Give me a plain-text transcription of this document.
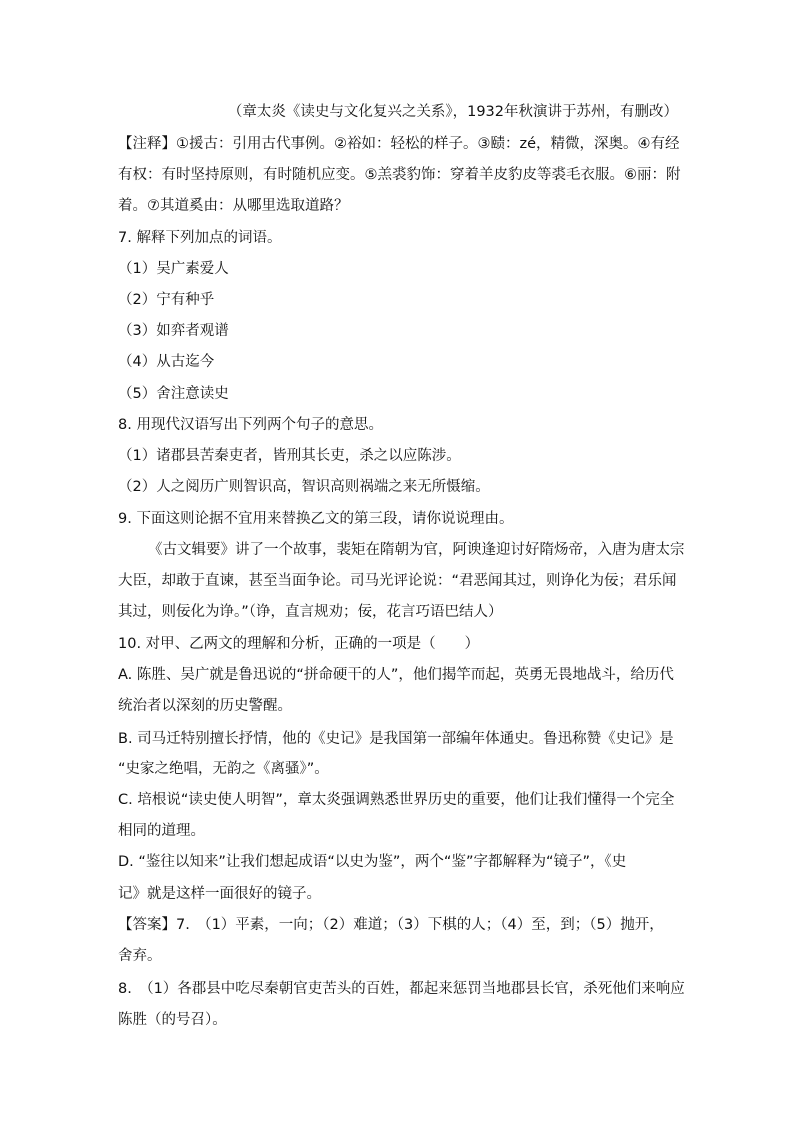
（章太炎《读史与文化复兴之关系》，1932年秋演讲于苏州，有删改）
【注释】①援古：引用古代事例。②裕如：轻松的样子。③赜：zé，精微，深奥。④有经
有权：有时坚持原则，有时随机应变。⑤羔裘豹饰：穿着羊皮豹皮等裘毛衣服。⑥丽：附
着。⑦其道奚由：从哪里选取道路？
7. 解释下列加点的词语。
（1）吴广素爱人
（2）宁有种乎
（3）如弈者观谱
（4）从古迄今
（5）舍注意读史
8. 用现代汉语写出下列两个句子的意思。
（1）诸郡县苦秦吏者，皆刑其长吏，杀之以应陈涉。
（2）人之阅历广则智识高，智识高则祸端之来无所慑缩。
9. 下面这则论据不宜用来替换乙文的第三段，请你说说理由。
《古文辑要》讲了一个故事，裴矩在隋朝为官，阿谀逢迎讨好隋炀帝，入唐为唐太宗
大臣，却敢于直谏，甚至当面争论。司马光评论说：“君恶闻其过，则诤化为佞；君乐闻
其过，则佞化为诤。”（诤，直言规劝；佞，花言巧语巴结人）
10. 对甲、乙两文的理解和分析，正确的一项是（　　）
A. 陈胜、吴广就是鲁迅说的“拼命硬干的人”，他们揭竿而起，英勇无畏地战斗，给历代
统治者以深刻的历史警醒。
B. 司马迁特别擅长抒情，他的《史记》是我国第一部编年体通史。鲁迅称赞《史记》是
“史家之绝唱，无韵之《离骚》”。
C. 培根说“读史使人明智”，章太炎强调熟悉世界历史的重要，他们让我们懂得一个完全
相同的道理。
D. “鉴往以知来”让我们想起成语“以史为鉴”，两个“鉴”字都解释为“镜子”，《史
记》就是这样一面很好的镜子。
【答案】7.　（1）平素，一向；（2）难道；（3）下棋的人；（4）至，到；（5）抛开，
舍弃。
8.　（1）各郡县中吃尽秦朝官吏苦头的百姓，都起来惩罚当地郡县长官，杀死他们来响应
陈胜（的号召）。
